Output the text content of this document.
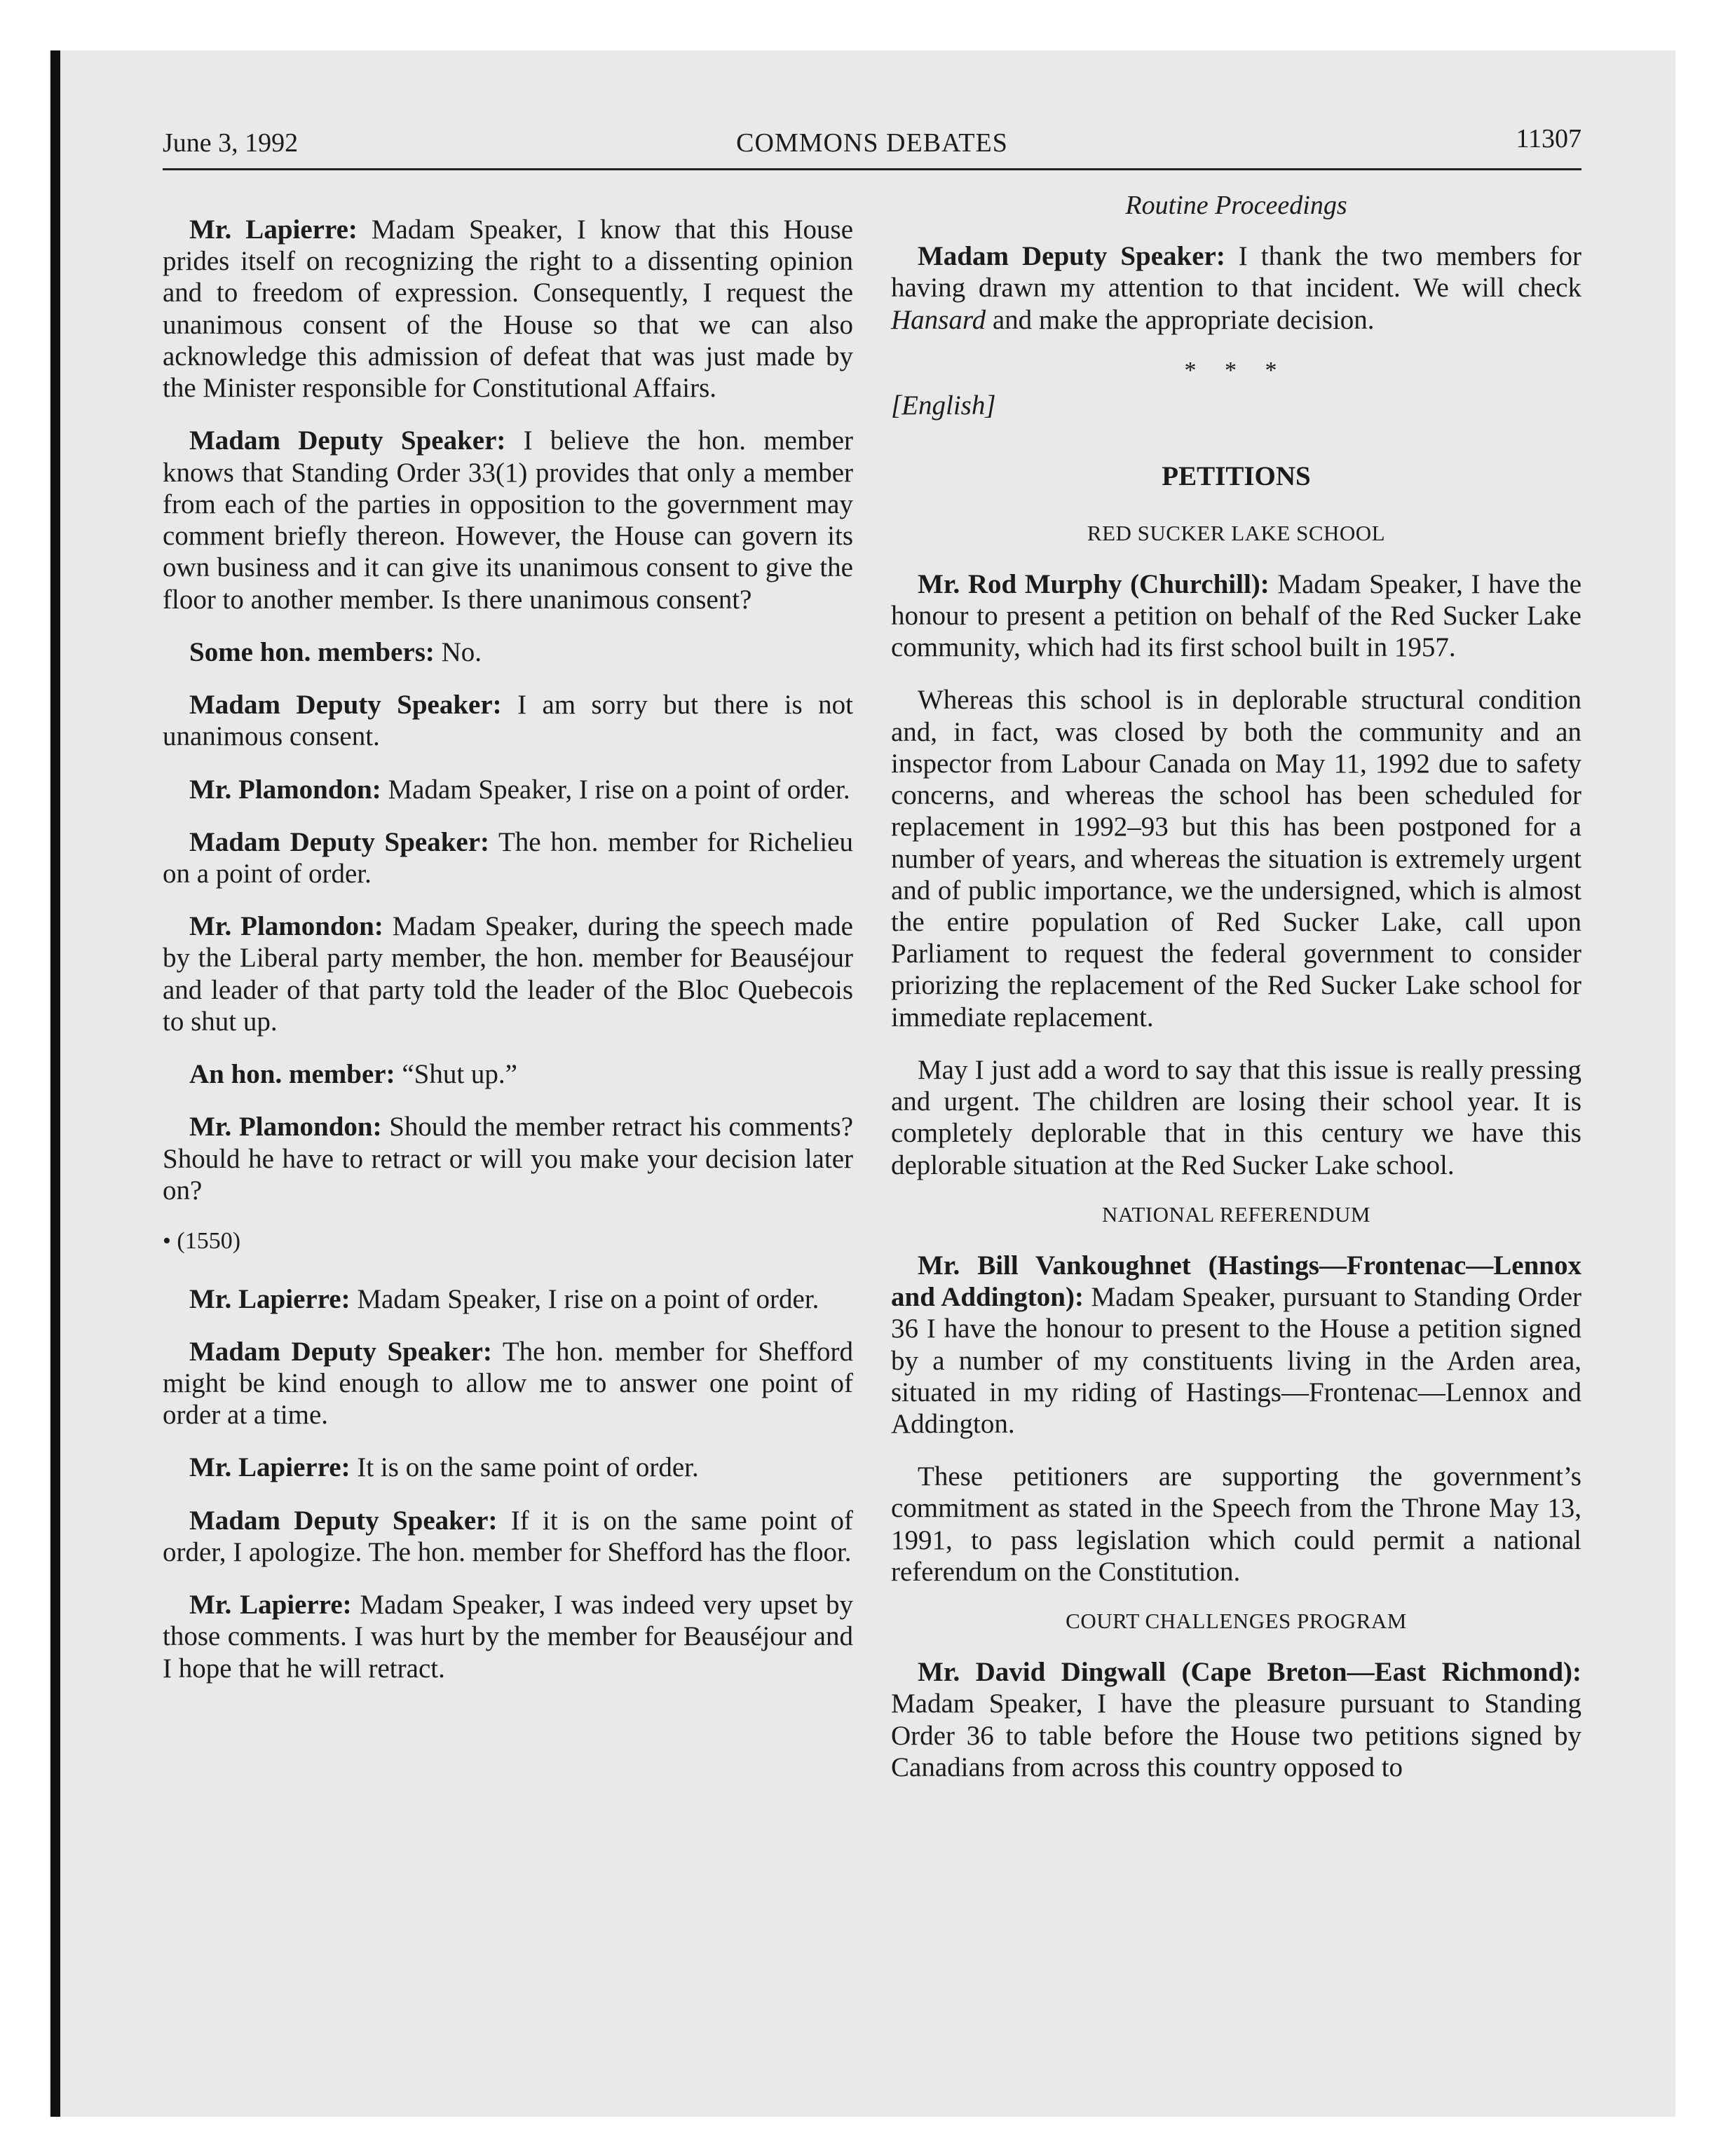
June 3, 1992	COMMONS DEBATES	11307

Mr. Lapierre: Madam Speaker, I know that this House prides itself on recognizing the right to a dissenting opinion and to freedom of expression. Consequently, I request the unanimous consent of the House so that we can also acknowledge this admission of defeat that was just made by the Minister responsible for Constitutional Affairs.

Madam Deputy Speaker: I believe the hon. member knows that Standing Order 33(1) provides that only a member from each of the parties in opposition to the government may comment briefly thereon. However, the House can govern its own business and it can give its unanimous consent to give the floor to another member. Is there unanimous consent?

Some hon. members: No.

Madam Deputy Speaker: I am sorry but there is not unanimous consent.

Mr. Plamondon: Madam Speaker, I rise on a point of order.

Madam Deputy Speaker: The hon. member for Richelieu on a point of order.

Mr. Plamondon: Madam Speaker, during the speech made by the Liberal party member, the hon. member for Beauséjour and leader of that party told the leader of the Bloc Quebecois to shut up.

An hon. member: “Shut up.”

Mr. Plamondon: Should the member retract his comments? Should he have to retract or will you make your decision later on?

• (1550)

Mr. Lapierre: Madam Speaker, I rise on a point of order.

Madam Deputy Speaker: The hon. member for Shefford might be kind enough to allow me to answer one point of order at a time.

Mr. Lapierre: It is on the same point of order.

Madam Deputy Speaker: If it is on the same point of order, I apologize. The hon. member for Shefford has the floor.

Mr. Lapierre: Madam Speaker, I was indeed very upset by those comments. I was hurt by the member for Beauséjour and I hope that he will retract.

Routine Proceedings

Madam Deputy Speaker: I thank the two members for having drawn my attention to that incident. We will check Hansard and make the appropriate decision.

* * *
[English]
PETITIONS
RED SUCKER LAKE SCHOOL

Mr. Rod Murphy (Churchill): Madam Speaker, I have the honour to present a petition on behalf of the Red Sucker Lake community, which had its first school built in 1957.

Whereas this school is in deplorable structural condition and, in fact, was closed by both the community and an inspector from Labour Canada on May 11, 1992 due to safety concerns, and whereas the school has been scheduled for replacement in 1992–93 but this has been postponed for a number of years, and whereas the situation is extremely urgent and of public importance, we the undersigned, which is almost the entire population of Red Sucker Lake, call upon Parliament to request the federal government to consider priorizing the replacement of the Red Sucker Lake school for immediate replacement.

May I just add a word to say that this issue is really pressing and urgent. The children are losing their school year. It is completely deplorable that in this century we have this deplorable situation at the Red Sucker Lake school.

NATIONAL REFERENDUM

Mr. Bill Vankoughnet (Hastings—Frontenac—Lennox and Addington): Madam Speaker, pursuant to Standing Order 36 I have the honour to present to the House a petition signed by a number of my constituents living in the Arden area, situated in my riding of Hastings—Frontenac—Lennox and Addington.

These petitioners are supporting the government’s commitment as stated in the Speech from the Throne May 13, 1991, to pass legislation which could permit a national referendum on the Constitution.

COURT CHALLENGES PROGRAM

Mr. David Dingwall (Cape Breton—East Richmond): Madam Speaker, I have the pleasure pursuant to Standing Order 36 to table before the House two petitions signed by Canadians from across this country opposed to
